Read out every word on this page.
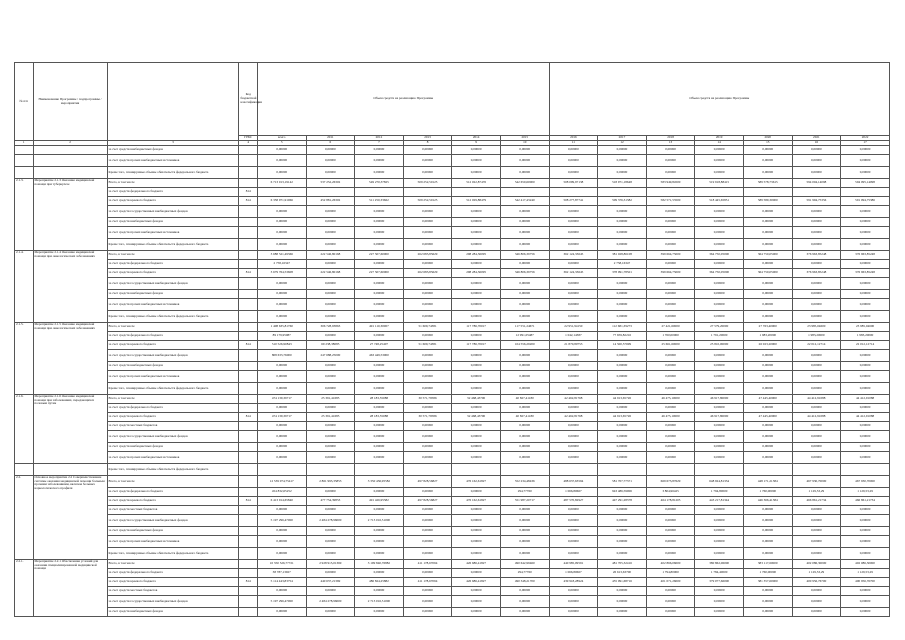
№ п/п	Наименование Программы / подпрограммы / мероприятия		Код бюджетной классификации	Объем средств на реализацию Программы						Объем средств на реализацию Программы						
			ГРБС	всего	2011	2012	2013	2014	2015	2016	2017	2018	2019	2020	2021	2022
1	2	3	4	5	6	7	8	9	10	11	12	13	14	15	16	17
		за счет средств внебюджетных фондов		0,00000	0,00000	0,00000	0,00000	0,00000	0,00000	0,00000	0,00000	0,00000	0,00000	0,00000	0,00000	0,00000
		за счет средств прочих внебюджетных источников		0,00000	0,00000	0,00000	0,00000	0,00000	0,00000	0,00000	0,00000	0,00000	0,00000	0,00000	0,00000	0,00000
		Кроме того, планируемые объемы обязательств федерального бюджета		0,00000	0,00000	0,00000	0,00000	0,00000	0,00000	0,00000	0,00000	0,00000	0,00000	0,00000	0,00000	0,00000
2.1.3.	Мероприятие 2.1.3 Оказание медицинской помощи при туберкулезе	Всего, в том числе		6 713 013,19142	537 252,26302	549 270,37825	509 252,50125	512 022,87476	542 650,60000	508 099,97138	518 971,18648	583 949,84500	519 918,88415	589 578,73615	594 004,14098	594 095,14098
		за счет средств федерального бюджета	814													
		за счет средств краевого бюджета	814	6 358 971,91066	452 881,26302	511 250,33662	509 252,50125	512 029,88479	542 417,43240	508 277,87741	509 376,31382	582 571,53500	518 445,65851	589 589,30000	591 994,75356	591 094,75386
		за счет средств государственных внебюджетных фондов		0,00000	0,00000	0,00000	0,00000	0,00000	0,00000	0,00000	0,00000	0,00000	0,00000	0,00000	0,00000	0,00000
		за счет средств внебюджетных фондов		0,00000	0,00000	0,00000	0,00000	0,00000	0,00000	0,00000	0,00000	0,00000	0,00000	0,00000	0,00000	0,00000
		за счет средств прочих внебюджетных источников		0,00000	0,00000	0,00000	0,00000	0,00000	0,00000	0,00000	0,00000	0,00000	0,00000	0,00000	0,00000	0,00000
		Кроме того, планируемые объемы обязательств федерального бюджета		0,00000	0,00000	0,00000	0,00000	0,00000	0,00000	0,00000	0,00000	0,00000	0,00000	0,00000	0,00000	0,00000
2.1.4.	Мероприятие 2.1.4 Оказание медицинской помощи при онкологических заболеваниях	Всего, в том числе		3 688 521,49366	222 546,80168	227 507,60000	262 683,85629	298 284,36095	346 806,39756	362 124,33645	381 028,86108	399 664,75000	364 750,05000	364 750,05000	376 963,85248	376 963,85248
		за счет средств федерального бюджета		2 758,16347	0,00000	0,00000	0,00000	0,00000	0,00000	0,00000	2 758,16347	0,00000	0,00000	0,00000	0,00000	0,00000
		за счет средств краевого бюджета	814	3 679 764,53608	222 546,80168	227 507,60000	262 683,85629	298 284,36095	346 806,39756	362 124,33645	378 091,78501	399 664,75000	364 750,05000	364 750,05000	376 963,85248	376 963,85248
		за счет средств государственных внебюджетных фондов		0,00000	0,00000	0,00000	0,00000	0,00000	0,00000	0,00000	0,00000	0,00000	0,00000	0,00000	0,00000	0,00000
		за счет средств внебюджетных фондов		0,00000	0,00000	0,00000	0,00000	0,00000	0,00000	0,00000	0,00000	0,00000	0,00000	0,00000	0,00000	0,00000
		за счет средств прочих внебюджетных источников		0,00000	0,00000	0,00000	0,00000	0,00000	0,00000	0,00000	0,00000	0,00000	0,00000	0,00000	0,00000	0,00000
		Кроме того, планируемые объемы обязательств федерального бюджета		0,00000	0,00000	0,00000	0,00000	0,00000	0,00000	0,00000	0,00000	0,00000	0,00000	0,00000	0,00000	0,00000
2.1.5.	Мероприятие 2.1.5 Оказание медицинской помощи при онкологических заболеваниях	Всего, в том числе		1 408 635,81760	306 728,93863	491 110,30007	51 609,74381	117 786,70017	117 551,24671	22 951,94150	112 681,39273	27 421,60000	27 579,20000	27 763,40000	23 985,04600	23 985,04600
		за счет средств федерального бюджета		89 179,95087	0,00000	0,00000	0,00000	0,00000	12 991,05487	1 042,14387	77 659,82216	1 760,00000	1 791,20000	1 983,20000	1 983,20000	1 983,20000
		за счет средств краевого бюджета	814	510 526,90843	69 238,38085	27 748,25407	51 609,74381	117 786,70017	104 556,29200	21 870,80753	14 500,57699	25 661,60000	25 810,00000	26 023,20000	22 012,12714	22 012,12714
		за счет средств государственных внебюджетных фондов		808 633,76000	247 688,25000	463 449,53000	0,00000	0,00000	0,00000	0,00000	0,00000	0,00000	0,00000	0,00000	0,00000	0,00000
		за счет средств внебюджетных фондов		0,00000	0,00000	0,00000	0,00000	0,00000	0,00000	0,00000	0,00000	0,00000	0,00000	0,00000	0,00000	0,00000
		за счет средств прочих внебюджетных источников		0,00000	0,00000	0,00000	0,00000	0,00000	0,00000	0,00000	0,00000	0,00000	0,00000	0,00000	0,00000	0,00000
		Кроме того, планируемые объемы обязательств федерального бюджета		0,00000	0,00000	0,00000	0,00000	0,00000	0,00000	0,00000	0,00000	0,00000	0,00000	0,00000	0,00000	0,00000
2.1.6.	Мероприятие 2.1.6 Оказание медицинской помощи при заболеваниях, передающихся половым путем	Всего, в том числе		474 139,39717	25 391,41685	28 183,55088	30 571,79586	32 468,43700	40 827,41180	42 462,81768	44 913,65726	46 475,10000	46 917,80000	47 445,40000	44 412,91088	44 412,91088
		за счет средств федерального бюджета		0,00000	0,00000	0,00000	0,00000	0,00000	0,00000	0,00000	0,00000	0,00000	0,00000	0,00000	0,00000	0,00000
		за счет средств краевого бюджета	814	474 139,39717	25 391,41685	28 183,55088	30 571,79586	32 468,43700	40 827,41180	42 462,81768	44 913,65726	46 475,10000	46 917,80000	47 445,40000	44 412,91088	44 412,91088
		за счет средств местных бюджетов		0,00000	0,00000	0,00000	0,00000	0,00000	0,00000	0,00000	0,00000	0,00000	0,00000	0,00000	0,00000	0,00000
		за счет средств государственных внебюджетных фондов		0,00000	0,00000	0,00000	0,00000	0,00000	0,00000	0,00000	0,00000	0,00000	0,00000	0,00000	0,00000	0,00000
		за счет средств внебюджетных фондов		0,00000	0,00000	0,00000	0,00000	0,00000	0,00000	0,00000	0,00000	0,00000	0,00000	0,00000	0,00000	0,00000
		за счет средств прочих внебюджетных источников		0,00000	0,00000	0,00000	0,00000	0,00000	0,00000	0,00000	0,00000	0,00000	0,00000	0,00000	0,00000	0,00000
		Кроме того, планируемые объемы обязательств федерального бюджета														
2.2.	Основное мероприятие 2.2 Совершенствование системы оказания медицинской помощи больным прочими заболеваниями, включая больных наркологического профиля	Всего, в том числе		12 539 074,75417	2 861 993,35853	3 350 436,95582	497 828,56827	476 162,61827	552 234,48436	488 637,63594	581 707,77371	669 673,87629	648 924,81334	448 171,21384	467 930,70000	467 930,70000
		за счет средств федерального бюджета		454 832,65252	0,00000	0,00000	0,00000	0,00000	294,77760	1 066,80667	943 486,59006	3 804,96425	1 794,80000	1 760,00000	1 129,53,29	1 129,53,29
		за счет средств краевого бюджета	814	6 413 914,65840	477 754,39853	491 426,95582	497 828,56827	476 162,61827	551 987,20717	487 570,82927	447 291,28378	464 178,81205	443 217,81344	446 366,41384	466 861,21734	466 861,21734
		за счет средств местных бюджетов		0,00000	0,00000	0,00000	0,00000	0,00000	0,00000	0,00000	0,00000	0,00000	0,00000	0,00000	0,00000	0,00000
		за счет средств государственных внебюджетных фондов		5 197 296,47000	2 484 278,96000	2 713 016,51000	0,00000	0,00000	0,00000	0,00000	0,00000	0,00000	0,00000	0,00000	0,00000	0,00000
		за счет средств внебюджетных фондов		0,00000	0,00000	0,00000	0,00000	0,00000	0,00000	0,00000	0,00000	0,00000	0,00000	0,00000	0,00000	0,00000
		за счет средств прочих внебюджетных источников		0,00000	0,00000	0,00000	0,00000	0,00000	0,00000	0,00000	0,00000	0,00000	0,00000	0,00000	0,00000	0,00000
		Кроме того, планируемые объемы обязательств федерального бюджета		0,00000	0,00000	0,00000	0,00000	0,00000	0,00000	0,00000	0,00000	0,00000	0,00000	0,00000	0,00000	0,00000
2.2.1.	Мероприятие 2.2.1 Обеспечение условий для оказания специализированной медицинской помощи	Всего, в том числе		10 350 526,77721	2 928 915,01369	3 199 840,76882	411 178,67094	426 686,41827	490 642,99460	440 985,09591	481 705,32416	402 866,06000	380 862,06000	383 117,60000	402 086,30000	402 086,30000
		за счет средств федерального бюджета		38 787,13927	0,00000	0,00000	0,00000	0,00000	294,77760	1 066,80667	26 613,63700	1 794,80000	1 784,40000	1 760,00000	1 129,53,29	1 129,53,29
		за счет средств краевого бюджета	814	5 114 443,83754	440 637,21369	486 824,25882	411 178,67094	426 686,41827	490 348,21700	439 918,28924	455 091,68716	401 071,26000	379 077,66000	381 357,60000	400 956,76700	400 956,76700
		за счет средств местных бюджетов		0,00000	0,00000	0,00000	0,00000	0,00000	0,00000	0,00000	0,00000	0,00000	0,00000	0,00000	0,00000	0,00000
		за счет средств государственных внебюджетных фондов		5 197 296,47000	2 484 278,96000	2 713 016,51000	0,00000	0,00000	0,00000	0,00000	0,00000	0,00000	0,00000	0,00000	0,00000	0,00000
		за счет средств внебюджетных фондов		0,00000	0,00000	0,00000	0,00000	0,00000	0,00000	0,00000	0,00000	0,00000	0,00000	0,00000	0,00000	0,00000
